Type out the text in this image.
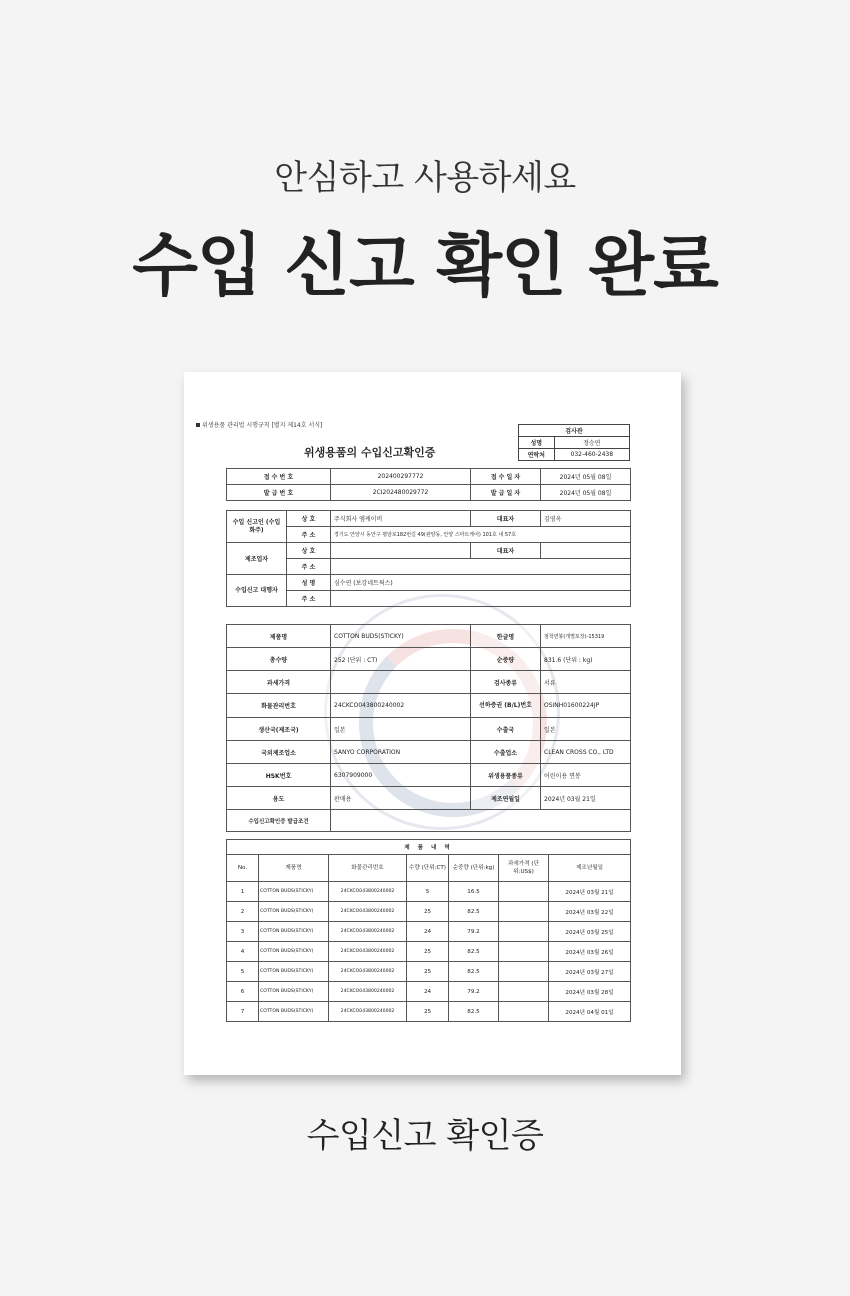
안심하고 사용하세요
수입 신고 확인 완료
위생용품 관리법 시행규칙 [별지 제14호 서식]
위생용품의 수입신고확인증
검사관	
성명	정승연
연락처	032-460-2438
접 수 번 호	202400297772	접 수 일 자	2024년 05월 08일
발 급 번 호	2CI202480029772	발 급 일 자	2024년 05월 08일
수입 신고인 (수입 화주)	상 호	주식회사 엠케이비	대표자	김영옥
	주 소	경기도 안양시 동안구 평암로182번길 49(관양동, 안양 스마트케어) 101호 내 57호		
제조업자	상 호		대표자	
	주 소			
수입신고 대행자	성 명	심수연 (보강네트웍스)		
	주 소			
제품명	COTTON BUDS(STICKY)	한글명	점착면봉(개별포장)-15319
총수량	252 (단위 : CT)	순중량	831.6 (단위 : kg)
과세가격		검사종류	서류
화물관리번호	24CKCO043800240002	선하증권 (B/L)번호	OSINH01600224JP
생산국(제조국)	일본	수출국	일본
국외제조업소	SANYO CORPORATION	수출업소	CLEAN CROSS CO., LTD
HSK번호	6307909000	위생용품종류	어린이용 면봉
용도	판매용	제조연월일	2024년 03월 21일
수입신고확인증 발급조건			
제 품 내 역						
No.	제품명	화물관리번호	수량 (단위:CT)	순중량 (단위:kg)	과세가격 (단위:US$)	제조년월일
1	COTTON BUDS(STICKY)	24CKCO043800240002	5	16.5		2024년 03월 21일
2	COTTON BUDS(STICKY)	24CKCO043800240002	25	82.5		2024년 03월 22일
3	COTTON BUDS(STICKY)	24CKCO043800240002	24	79.2		2024년 03월 25일
4	COTTON BUDS(STICKY)	24CKCO043800240002	25	82.5		2024년 03월 26일
5	COTTON BUDS(STICKY)	24CKCO043800240002	25	82.5		2024년 03월 27일
6	COTTON BUDS(STICKY)	24CKCO043800240002	24	79.2		2024년 03월 28일
7	COTTON BUDS(STICKY)	24CKCO043800240002	25	82.5		2024년 04월 01일
수입신고 확인증
